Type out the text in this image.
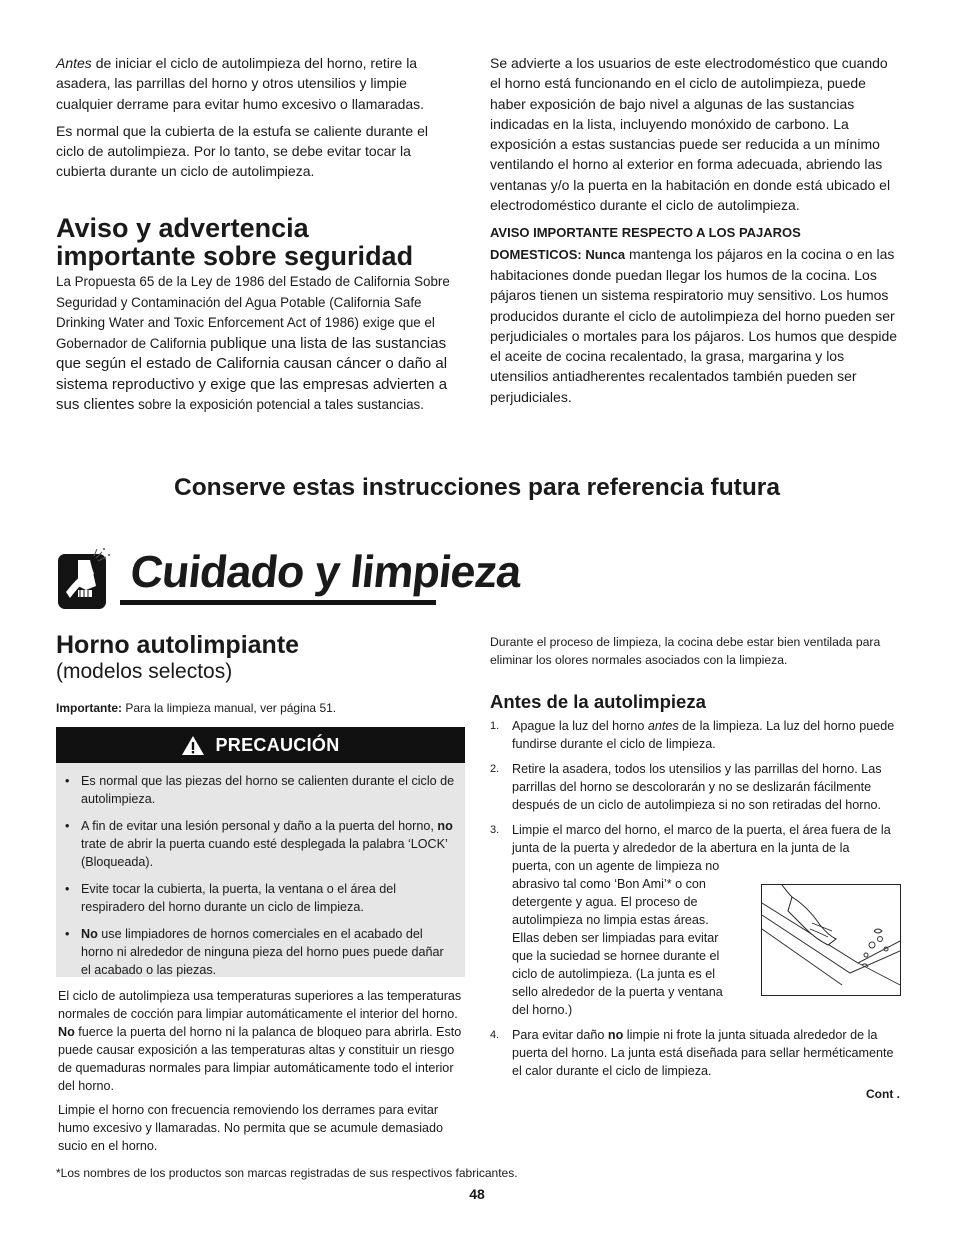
Antes de iniciar el ciclo de autolimpieza del horno, retire la asadera, las parrillas del horno y otros utensilios y limpie cualquier derrame para evitar humo excesivo o llamaradas.

Es normal que la cubierta de la estufa se caliente durante el ciclo de autolimpieza. Por lo tanto, se debe evitar tocar la cubierta durante un ciclo de autolimpieza.

Aviso y advertencia
importante sobre seguridad

La Propuesta 65 de la Ley de 1986 del Estado de California Sobre Seguridad y Contaminación del Agua Potable (California Safe Drinking Water and Toxic Enforcement Act of 1986) exige que el Gobernador de California publique una lista de las sustancias que según el estado de California causan cáncer o daño al sistema reproductivo y exige que las empresas advierten a sus clientes sobre la exposición potencial a tales sustancias.

Se advierte a los usuarios de este electrodoméstico que cuando el horno está funcionando en el ciclo de autolimpieza, puede haber exposición de bajo nivel a algunas de las sustancias indicadas en la lista, incluyendo monóxido de carbono. La exposición a estas sustancias puede ser reducida a un mínimo ventilando el horno al exterior en forma adecuada, abriendo las ventanas y/o la puerta en la habitación en donde está ubicado el electrodoméstico durante el ciclo de autolimpieza.

AVISO IMPORTANTE RESPECTO A LOS PAJAROS
DOMESTICOS: Nunca mantenga los pájaros en la cocina o en las habitaciones donde puedan llegar los humos de la cocina. Los pájaros tienen un sistema respiratorio muy sensitivo. Los humos producidos durante el ciclo de autolimpieza del horno pueden ser perjudiciales o mortales para los pájaros. Los humos que despide el aceite de cocina recalentado, la grasa, margarina y los utensilios antiadherentes recalentados también pueden ser perjudiciales.

Conserve estas instrucciones para referencia futura
Cuidado y limpieza
Horno autolimpiante
(modelos selectos)

Importante: Para la limpieza manual, ver página 51.

PRECAUCIÓN
• Es normal que las piezas del horno se calienten durante el ciclo de autolimpieza.
• A fin de evitar una lesión personal y daño a la puerta del horno, no trate de abrir la puerta cuando esté desplegada la palabra ‘LOCK’ (Bloqueada).
• Evite tocar la cubierta, la puerta, la ventana o el área del respiradero del horno durante un ciclo de limpieza.
• No use limpiadores de hornos comerciales en el acabado del horno ni alrededor de ninguna pieza del horno pues puede dañar el acabado o las piezas.

El ciclo de autolimpieza usa temperaturas superiores a las temperaturas normales de cocción para limpiar automáticamente el interior del horno. No fuerce la puerta del horno ni la palanca de bloqueo para abrirla. Esto puede causar exposición a las temperaturas altas y constituir un riesgo de quemaduras normales para limpiar automáticamente todo el interior del horno.

Limpie el horno con frecuencia removiendo los derrames para evitar humo excesivo y llamaradas. No permita que se acumule demasiado sucio en el horno.

Durante el proceso de limpieza, la cocina debe estar bien ventilada para eliminar los olores normales asociados con la limpieza.

Antes de la autolimpieza
1. Apague la luz del horno antes de la limpieza. La luz del horno puede fundirse durante el ciclo de limpieza.
2. Retire la asadera, todos los utensilios y las parrillas del horno. Las parrillas del horno se descolorarán y no se deslizarán fácilmente después de un ciclo de autolimpieza si no son retiradas del horno.
3. Limpie el marco del horno, el marco de la puerta, el área fuera de la junta de la puerta y alrededor de la abertura en la junta de la

puerta, con un agente de limpieza no abrasivo tal como ‘Bon Ami’* o con detergente y agua. El proceso de autolimpieza no limpia estas áreas. Ellas deben ser limpiadas para evitar que la suciedad se hornee durante el ciclo de autolimpieza. (La junta es el sello alrededor de la puerta y ventana del horno.)
4. Para evitar daño no limpie ni frote la junta situada alrededor de la puerta del horno. La junta está diseñada para sellar herméticamente el calor durante el ciclo de limpieza.
Cont .
*Los nombres de los productos son marcas registradas de sus respectivos fabricantes.
48
